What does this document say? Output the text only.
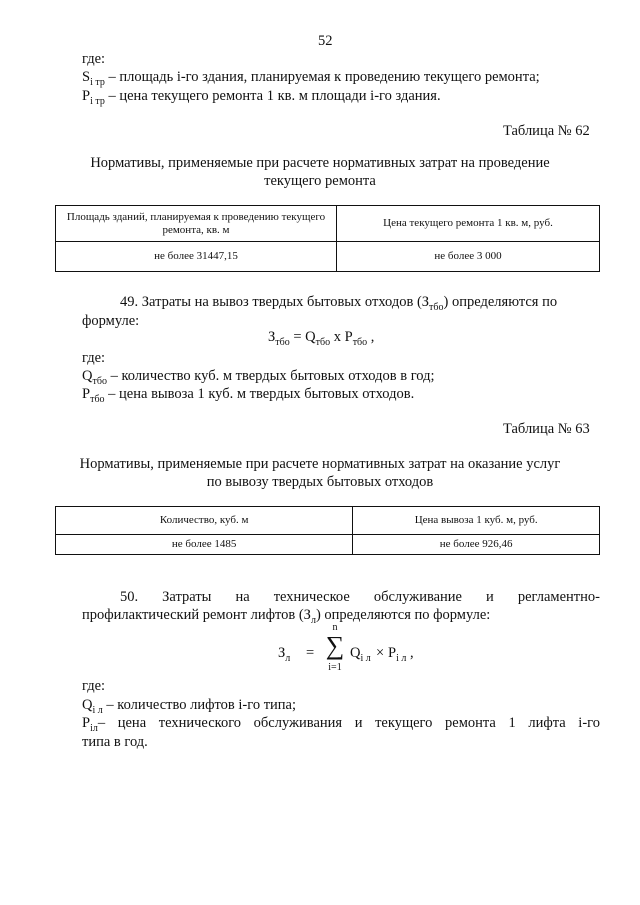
52
где:
$S_{i тр}$ – площадь i-го здания, планируемая к проведению текущего ремонта;
$P_{i тр}$ – цена текущего ремонта 1 кв. м площади i-го здания.
Таблица № 62
Нормативы, применяемые при расчете нормативных затрат на проведение
текущего ремонта
Площадь зданий, планируемая к проведению текущего ремонта, кв. м	Цена текущего ремонта 1 кв. м, руб.
не более 31447,15	не более 3 000
49. Затраты на вывоз твердых бытовых отходов $(З_{тбо})$ определяются по
формуле:
$З_{тбо} = Q_{тбо}$ x $P_{тбо}$ ,
где:
$Q_{тбо}$ – количество куб. м твердых бытовых отходов в год;
$P_{тбо}$ – цена вывоза 1 куб. м твердых бытовых отходов.
Таблица № 63
Нормативы, применяемые при расчете нормативных затрат на оказание услуг
по вывозу твердых бытовых отходов
Количество, куб. м	Цена вывоза 1 куб. м, руб.
не более 1485	не более 926,46
50. Затраты на техническое обслуживание и регламентно-
профилактический ремонт лифтов $(З_л)$ определяются по формуле:
$З_л$ =
n
∑
i=1
$Q_{i л} \times P_{i л}$ ,
где:
$Q_{i л}$ – количество лифтов i-го типа;
$P_{iл}$ – цена технического обслуживания и текущего ремонта 1 лифта i-го
типа в год.
